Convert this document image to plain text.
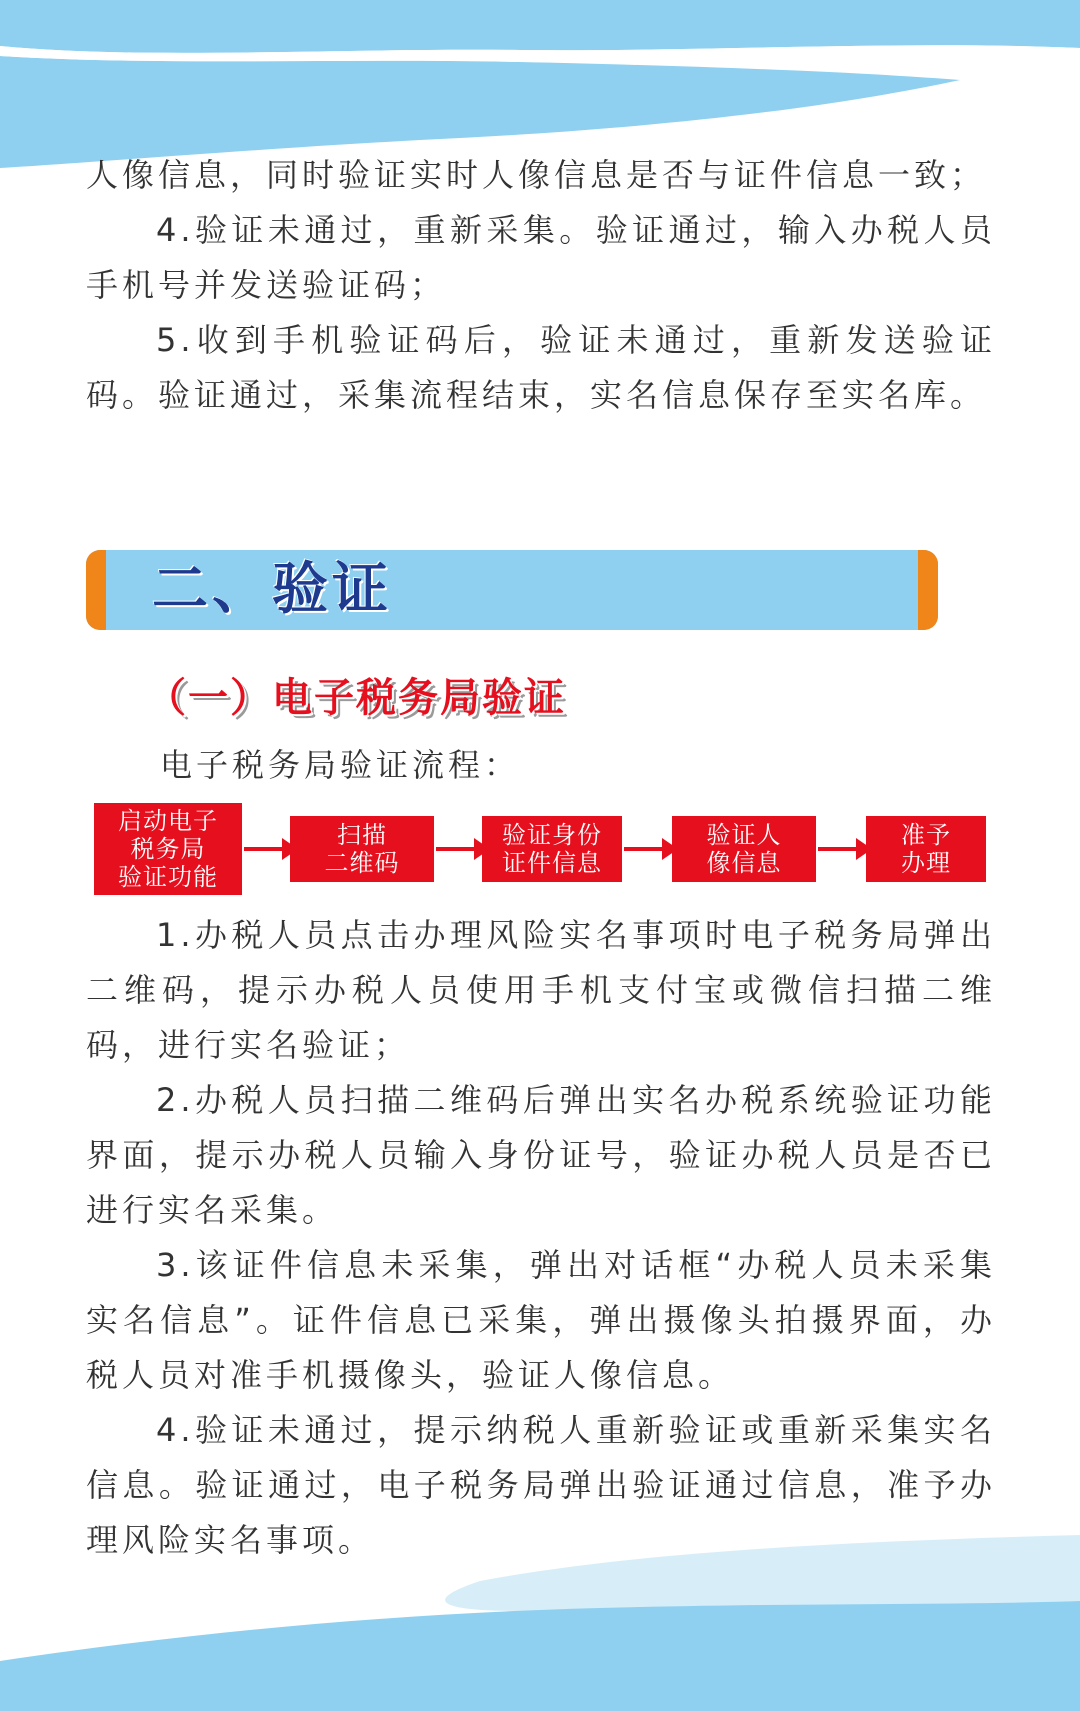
人像信息，同时验证实时人像信息是否与证件信息一致；

4.验证未通过，重新采集。验证通过，输入办税人员手机号并发送验证码；

5.收到手机验证码后，验证未通过，重新发送验证码。验证通过，采集流程结束，实名信息保存至实名库。

二、验证
（一）电子税务局验证
电子税务局验证流程：
启动电子
税务局
验证功能
扫描
二维码
验证身份
证件信息
验证人
像信息
准予
办理

1.办税人员点击办理风险实名事项时电子税务局弹出二维码，提示办税人员使用手机支付宝或微信扫描二维码，进行实名验证；

2.办税人员扫描二维码后弹出实名办税系统验证功能界面，提示办税人员输入身份证号，验证办税人员是否已进行实名采集。

3.该证件信息未采集，弹出对话框“办税人员未采集实名信息”。证件信息已采集，弹出摄像头拍摄界面，办税人员对准手机摄像头，验证人像信息。

4.验证未通过，提示纳税人重新验证或重新采集实名信息。验证通过，电子税务局弹出验证通过信息，准予办理风险实名事项。
